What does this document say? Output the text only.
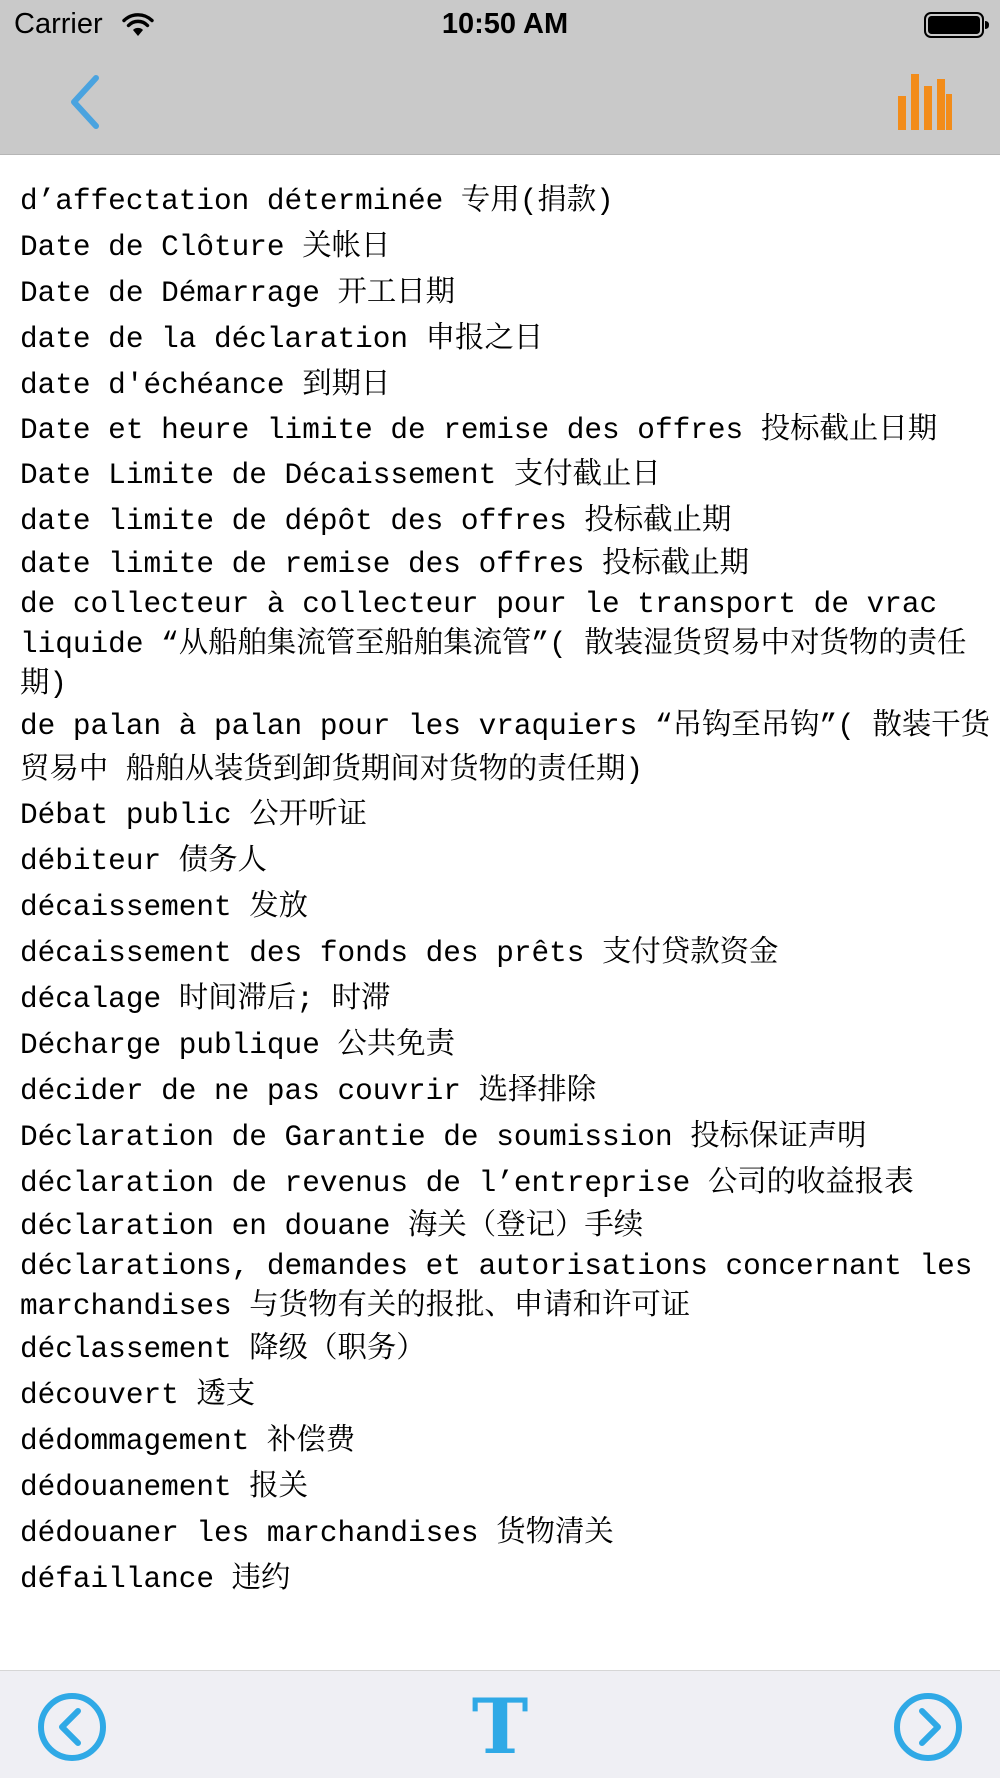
Carrier	10:50 AM
d’affectation déterminée 专用(捐款)
Date de Clôture 关帐日
Date de Démarrage 开工日期
date de la déclaration 申报之日
date d'échéance 到期日
Date et heure limite de remise des offres 投标截止日期
Date Limite de Décaissement 支付截止日
date limite de dépôt des offres 投标截止期
date limite de remise des offres 投标截止期
de collecteur à collecteur pour le transport de vrac liquide “从船舶集流管至船舶集流管”( 散装湿货贸易中对货物的责任期)
de palan à palan pour les vraquiers “吊钩至吊钩”( 散装干货贸易中 船舶从装货到卸货期间对货物的责任期)
Débat public 公开听证
débiteur 债务人
décaissement 发放
décaissement des fonds des prêts 支付贷款资金
décalage 时间滞后; 时滞
Décharge publique 公共免责
décider de ne pas couvrir 选择排除
Déclaration de Garantie de soumission 投标保证声明
déclaration de revenus de l’entreprise 公司的收益报表
déclaration en douane 海关（登记）手续
déclarations, demandes et autorisations concernant les marchandises 与货物有关的报批、申请和许可证
déclassement 降级（职务）
découvert 透支
dédommagement 补偿费
dédouanement 报关
dédouaner les marchandises 货物清关
défaillance 违约
T
